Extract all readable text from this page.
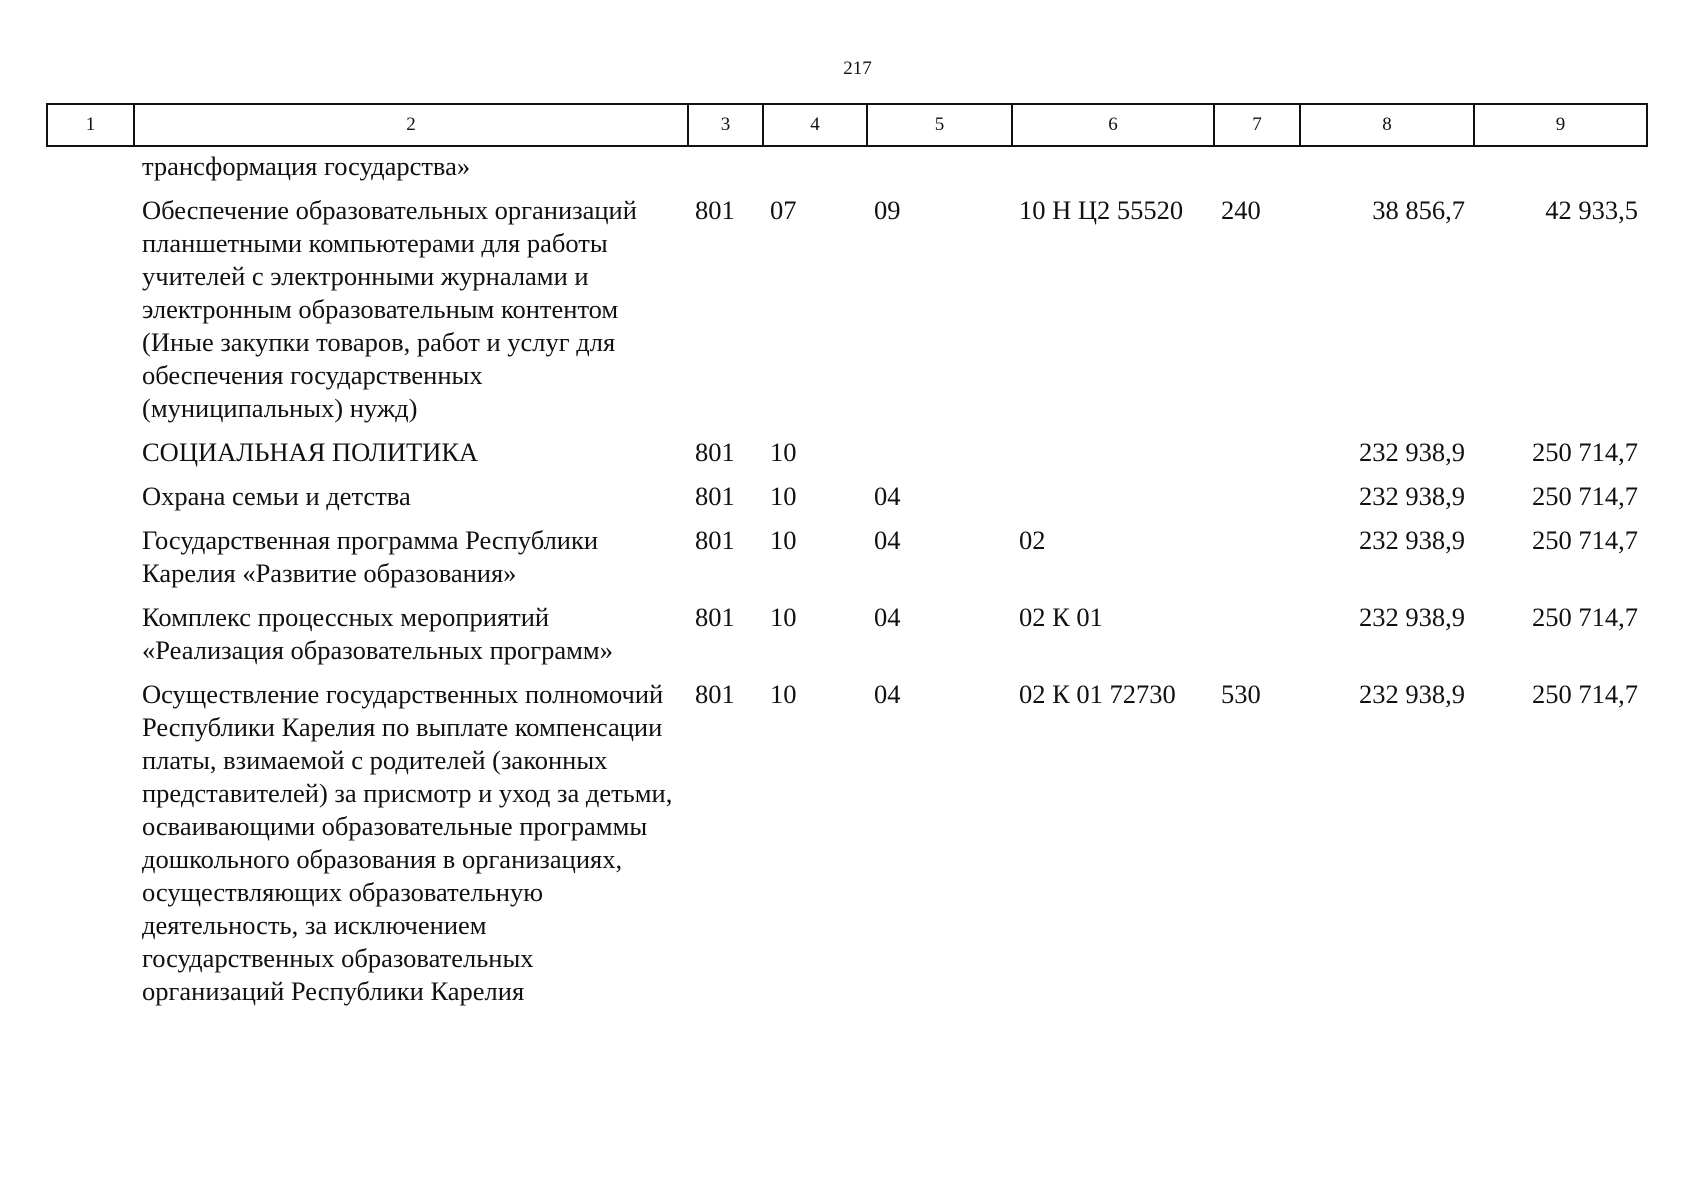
217
1	2	3	4	5	6	7	8	9
	трансформация государства»							
	Обеспечение образовательных организаций планшетными компьютерами для работы учителей с электронными журналами и электронным образовательным контентом (Иные закупки товаров, работ и услуг для обеспечения государственных (муниципальных) нужд)	801	07	09	10 Н Ц2 55520	240	38 856,7	42 933,5
	СОЦИАЛЬНАЯ ПОЛИТИКА	801	10				232 938,9	250 714,7
	Охрана семьи и детства	801	10	04			232 938,9	250 714,7
	Государственная программа Республики Карелия «Развитие образования»	801	10	04	02		232 938,9	250 714,7
	Комплекс процессных мероприятий «Реализация образовательных программ»	801	10	04	02 К 01		232 938,9	250 714,7
	Осуществление государственных полномочий Республики Карелия по выплате компенсации платы, взимаемой с родителей (законных представителей) за присмотр и уход за детьми, осваивающими образовательные программы дошкольного образования в организациях, осуществляющих образовательную деятельность, за исключением государственных образовательных организаций Республики Карелия	801	10	04	02 К 01 72730	530	232 938,9	250 714,7
